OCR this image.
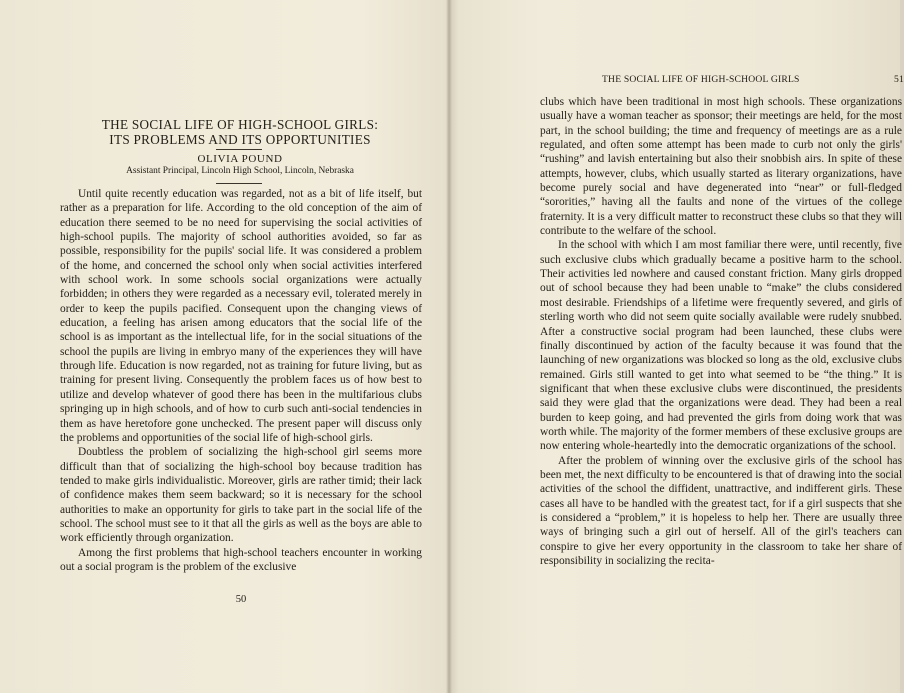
THE SOCIAL LIFE OF HIGH-SCHOOL GIRLS:
ITS PROBLEMS AND ITS OPPORTUNITIES
OLIVIA POUND
Assistant Principal, Lincoln High School, Lincoln, Nebraska

Until quite recently education was regarded, not as a bit of life itself, but rather as a preparation for life. According to the old conception of the aim of education there seemed to be no need for supervising the social activities of high-school pupils. The majority of school authorities avoided, so far as possible, responsibility for the pupils' social life. It was considered a problem of the home, and concerned the school only when social activities interfered with school work. In some schools social organizations were actually forbidden; in others they were regarded as a necessary evil, tolerated merely in order to keep the pupils pacified. Consequent upon the changing views of education, a feeling has arisen among educators that the social life of the school is as important as the intellectual life, for in the social situations of the school the pupils are living in embryo many of the experiences they will have through life. Education is now regarded, not as training for future living, but as training for present living. Consequently the problem faces us of how best to utilize and develop whatever of good there has been in the multifarious clubs springing up in high schools, and of how to curb such anti-social tendencies in them as have heretofore gone unchecked. The present paper will discuss only the problems and opportunities of the social life of high-school girls.

Doubtless the problem of socializing the high-school girl seems more difficult than that of socializing the high-school boy because tradition has tended to make girls individualistic. Moreover, girls are rather timid; their lack of confidence makes them seem backward; so it is necessary for the school authorities to make an opportunity for girls to take part in the social life of the school. The school must see to it that all the girls as well as the boys are able to work efficiently through organization.

Among the first problems that high-school teachers encounter in working out a social program is the problem of the exclusive

50
THE SOCIAL LIFE OF HIGH-SCHOOL GIRLS	51

clubs which have been traditional in most high schools. These organizations usually have a woman teacher as sponsor; their meetings are held, for the most part, in the school building; the time and frequency of meetings are as a rule regulated, and often some attempt has been made to curb not only the girls' “rushing” and lavish entertaining but also their snobbish airs. In spite of these attempts, however, clubs, which usually started as literary organizations, have become purely social and have degenerated into “near” or full-fledged “sororities,” having all the faults and none of the virtues of the college fraternity. It is a very difficult matter to reconstruct these clubs so that they will contribute to the welfare of the school.

In the school with which I am most familiar there were, until recently, five such exclusive clubs which gradually became a positive harm to the school. Their activities led nowhere and caused constant friction. Many girls dropped out of school because they had been unable to “make” the clubs considered most desirable. Friendships of a lifetime were frequently severed, and girls of sterling worth who did not seem quite socially available were rudely snubbed. After a constructive social program had been launched, these clubs were finally discontinued by action of the faculty because it was found that the launching of new organizations was blocked so long as the old, exclusive clubs remained. Girls still wanted to get into what seemed to be “the thing.” It is significant that when these exclusive clubs were discontinued, the presidents said they were glad that the organizations were dead. They had been a real burden to keep going, and had prevented the girls from doing work that was worth while. The majority of the former members of these exclusive groups are now entering whole-heartedly into the democratic organizations of the school.

After the problem of winning over the exclusive girls of the school has been met, the next difficulty to be encountered is that of drawing into the social activities of the school the diffident, unattractive, and indifferent girls. These cases all have to be handled with the greatest tact, for if a girl suspects that she is considered a “problem,” it is hopeless to help her. There are usually three ways of bringing such a girl out of herself. All of the girl's teachers can conspire to give her every opportunity in the classroom to take her share of responsibility in socializing the recita-
